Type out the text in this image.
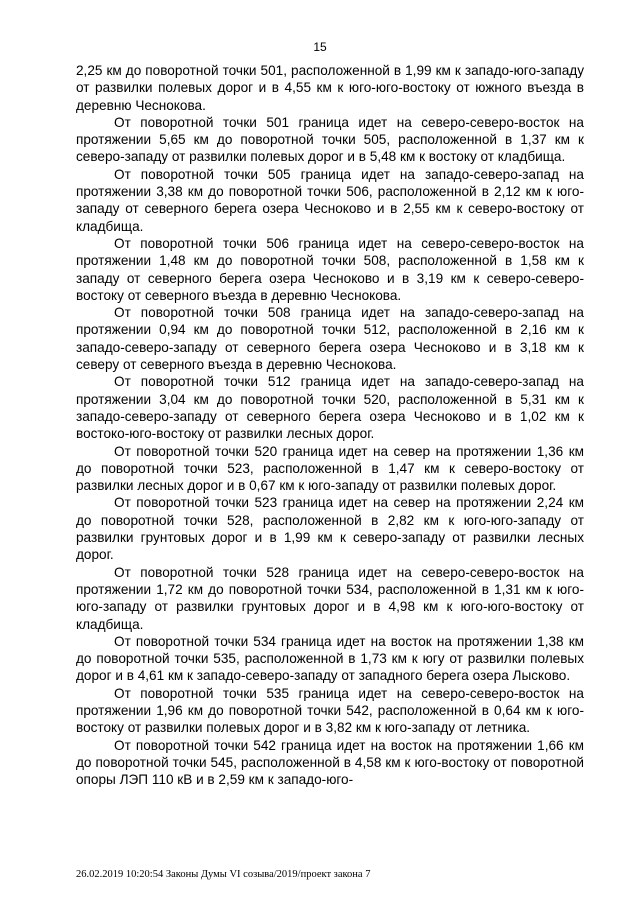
15

2,25 км до поворотной точки 501, расположенной в 1,99 км к западо-юго-западу от развилки полевых дорог и в 4,55 км к юго-юго-востоку от южного въезда в деревню Чеснокова.

От поворотной точки 501 граница идет на северо-северо-восток на протяжении 5,65 км до поворотной точки 505, расположенной в 1,37 км к северо-западу от развилки полевых дорог и в 5,48 км к востоку от кладбища.

От поворотной точки 505 граница идет на западо-северо-запад на протяжении 3,38 км до поворотной точки 506, расположенной в 2,12 км к юго-западу от северного берега озера Чесноково и в 2,55 км к северо-востоку от кладбища.

От поворотной точки 506 граница идет на северо-северо-восток на протяжении 1,48 км до поворотной точки 508, расположенной в 1,58 км к западу от северного берега озера Чесноково и в 3,19 км к северо-северо-востоку от северного въезда в деревню Чеснокова.

От поворотной точки 508 граница идет на западо-северо-запад на протяжении 0,94 км до поворотной точки 512, расположенной в 2,16 км к западо-северо-западу от северного берега озера Чесноково и в 3,18 км к северу от северного въезда в деревню Чеснокова.

От поворотной точки 512 граница идет на западо-северо-запад на протяжении 3,04 км до поворотной точки 520, расположенной в 5,31 км к западо-северо-западу от северного берега озера Чесноково и в 1,02 км к востоко-юго-востоку от развилки лесных дорог.

От поворотной точки 520 граница идет на север на протяжении 1,36 км до поворотной точки 523, расположенной в 1,47 км к северо-востоку от развилки лесных дорог и в 0,67 км к юго-западу от развилки полевых дорог.

От поворотной точки 523 граница идет на север на протяжении 2,24 км до поворотной точки 528, расположенной в 2,82 км к юго-юго-западу от развилки грунтовых дорог и в 1,99 км к северо-западу от развилки лесных дорог.

От поворотной точки 528 граница идет на северо-северо-восток на протяжении 1,72 км до поворотной точки 534, расположенной в 1,31 км к юго-юго-западу от развилки грунтовых дорог и в 4,98 км к юго-юго-востоку от кладбища.

От поворотной точки 534 граница идет на восток на протяжении 1,38 км до поворотной точки 535, расположенной в 1,73 км к югу от развилки полевых дорог и в 4,61 км к западо-северо-западу от западного берега озера Лысково.

От поворотной точки 535 граница идет на северо-северо-восток на протяжении 1,96 км до поворотной точки 542, расположенной в 0,64 км к юго-востоку от развилки полевых дорог и в 3,82 км к юго-западу от летника.

От поворотной точки 542 граница идет на восток на протяжении 1,66 км до поворотной точки 545, расположенной в 4,58 км к юго-востоку от поворотной опоры ЛЭП 110 кВ и в 2,59 км к западо-юго-

26.02.2019 10:20:54 Законы Думы VI созыва/2019/проект закона 7
